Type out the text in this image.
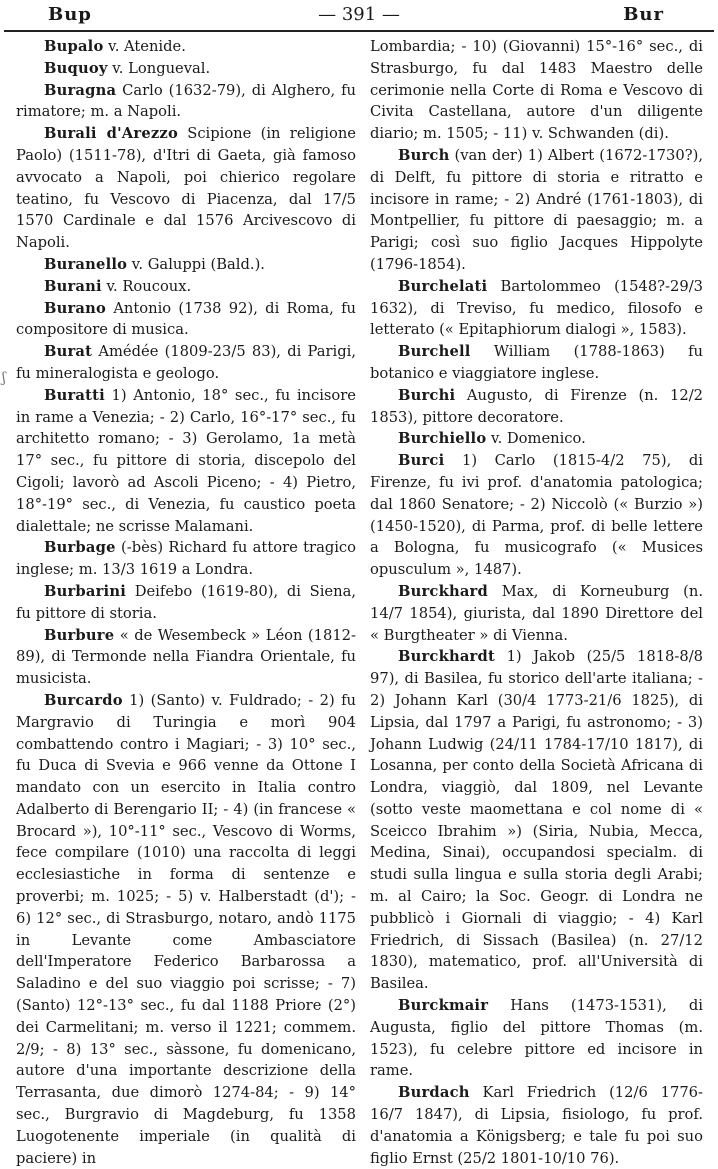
Bup	— 391 —	Bur
ʃ

Bupalo v. Atenide.

Buquoy v. Longueval.

Buragna Carlo (1632-79), di Alghero, fu rimatore; m. a Napoli.

Burali d'Arezzo Scipione (in religione Paolo) (1511-78), d'Itri di Gaeta, già famoso avvocato a Napoli, poi chierico regolare teatino, fu Vescovo di Piacenza, dal 17/5 1570 Cardinale e dal 1576 Arcivescovo di Napoli.

Buranello v. Galuppi (Bald.).

Burani v. Roucoux.

Burano Antonio (1738 92), di Roma, fu compositore di musica.

Burat Amédée (1809-23/5 83), di Parigi, fu mineralogista e geologo.

Buratti 1) Antonio, 18° sec., fu incisore in rame a Venezia; - 2) Carlo, 16°-17° sec., fu architetto romano; - 3) Gerolamo, 1a metà 17° sec., fu pittore di storia, discepolo del Cigoli; lavorò ad Ascoli Piceno; - 4) Pietro, 18°-19° sec., di Venezia, fu caustico poeta dialettale; ne scrisse Malamani.

Burbage (-bès) Richard fu attore tragico inglese; m. 13/3 1619 a Londra.

Burbarini Deifebo (1619-80), di Siena, fu pittore di storia.

Burbure « de Wesembeck » Léon (1812-89), di Termonde nella Fiandra Orientale, fu musicista.

Burcardo 1) (Santo) v. Fuldrado; - 2) fu Margravio di Turingia e morì 904 combattendo contro i Magiari; - 3) 10° sec., fu Duca di Svevia e 966 venne da Ottone I mandato con un esercito in Italia contro Adalberto di Berengario II; - 4) (in francese « Brocard »), 10°-11° sec., Vescovo di Worms, fece compilare (1010) una raccolta di leggi ecclesiastiche in forma di sentenze e proverbi; m. 1025; - 5) v. Halberstadt (d'); - 6) 12° sec., di Strasburgo, notaro, andò 1175 in Levante come Ambasciatore dell'Imperatore Federico Barbarossa a Saladino e del suo viaggio poi scrisse; - 7) (Santo) 12°-13° sec., fu dal 1188 Priore (2°) dei Carmelitani; m. verso il 1221; commem. 2/9; - 8) 13° sec., sàssone, fu domenicano, autore d'una importante descrizione della Terrasanta, due dimorò 1274-84; - 9) 14° sec., Burgravio di Magdeburg, fu 1358 Luogotenente imperiale (in qualità di paciere) in

Lombardia; - 10) (Giovanni) 15°-16° sec., di Strasburgo, fu dal 1483 Maestro delle cerimonie nella Corte di Roma e Vescovo di Civita Castellana, autore d'un diligente diario; m. 1505; - 11) v. Schwanden (di).

Burch (van der) 1) Albert (1672-1730?), di Delft, fu pittore di storia e ritratto e incisore in rame; - 2) André (1761-1803), di Montpellier, fu pittore di paesaggio; m. a Parigi; così suo figlio Jacques Hippolyte (1796-1854).

Burchelati Bartolommeo (1548?-29/3 1632), di Treviso, fu medico, filosofo e letterato (« Epitaphiorum dialogi », 1583).

Burchell William (1788-1863) fu botanico e viaggiatore inglese.

Burchi Augusto, di Firenze (n. 12/2 1853), pittore decoratore.

Burchiello v. Domenico.

Burci 1) Carlo (1815-4/2 75), di Firenze, fu ivi prof. d'anatomia patologica; dal 1860 Senatore; - 2) Niccolò (« Burzio ») (1450-1520), di Parma, prof. di belle lettere a Bologna, fu musicografo (« Musices opusculum », 1487).

Burckhard Max, di Korneuburg (n. 14/7 1854), giurista, dal 1890 Direttore del « Burgtheater » di Vienna.

Burckhardt 1) Jakob (25/5 1818-8/8 97), di Basilea, fu storico dell'arte italiana; - 2) Johann Karl (30/4 1773-21/6 1825), di Lipsia, dal 1797 a Parigi, fu astronomo; - 3) Johann Ludwig (24/11 1784-17/10 1817), di Losanna, per conto della Società Africana di Londra, viaggiò, dal 1809, nel Levante (sotto veste maomettana e col nome di « Sceicco Ibrahim ») (Siria, Nubia, Mecca, Medina, Sinai), occupandosi specialm. di studi sulla lingua e sulla storia degli Arabi; m. al Cairo; la Soc. Geogr. di Londra ne pubblicò i Giornali di viaggio; - 4) Karl Friedrich, di Sissach (Basilea) (n. 27/12 1830), matematico, prof. all'Università di Basilea.

Burckmair Hans (1473-1531), di Augusta, figlio del pittore Thomas (m. 1523), fu celebre pittore ed incisore in rame.

Burdach Karl Friedrich (12/6 1776-16/7 1847), di Lipsia, fisiologo, fu prof. d'anatomia a Königsberg; e tale fu poi suo figlio Ernst (25/2 1801-10/10 76).
